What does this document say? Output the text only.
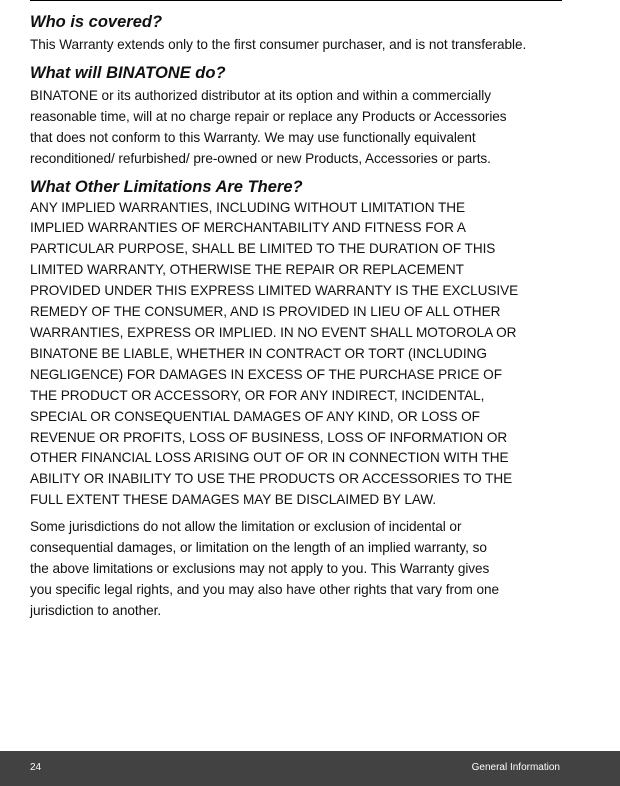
Who is covered?

This Warranty extends only to the first consumer purchaser, and is not transferable.

What will BINATONE do?

BINATONE or its authorized distributor at its option and within a commercially
reasonable time, will at no charge repair or replace any Products or Accessories
that does not conform to this Warranty. We may use functionally equivalent
reconditioned/ refurbished/ pre-owned or new Products, Accessories or parts.

What Other Limitations Are There?

ANY IMPLIED WARRANTIES, INCLUDING WITHOUT LIMITATION THE
IMPLIED WARRANTIES OF MERCHANTABILITY AND FITNESS FOR A
PARTICULAR PURPOSE, SHALL BE LIMITED TO THE DURATION OF THIS
LIMITED WARRANTY, OTHERWISE THE REPAIR OR REPLACEMENT
PROVIDED UNDER THIS EXPRESS LIMITED WARRANTY IS THE EXCLUSIVE
REMEDY OF THE CONSUMER, AND IS PROVIDED IN LIEU OF ALL OTHER
WARRANTIES, EXPRESS OR IMPLIED. IN NO EVENT SHALL MOTOROLA OR
BINATONE BE LIABLE, WHETHER IN CONTRACT OR TORT (INCLUDING
NEGLIGENCE) FOR DAMAGES IN EXCESS OF THE PURCHASE PRICE OF
THE PRODUCT OR ACCESSORY, OR FOR ANY INDIRECT, INCIDENTAL,
SPECIAL OR CONSEQUENTIAL DAMAGES OF ANY KIND, OR LOSS OF
REVENUE OR PROFITS, LOSS OF BUSINESS, LOSS OF INFORMATION OR
OTHER FINANCIAL LOSS ARISING OUT OF OR IN CONNECTION WITH THE
ABILITY OR INABILITY TO USE THE PRODUCTS OR ACCESSORIES TO THE
FULL EXTENT THESE DAMAGES MAY BE DISCLAIMED BY LAW.

Some jurisdictions do not allow the limitation or exclusion of incidental or
consequential damages, or limitation on the length of an implied warranty, so
the above limitations or exclusions may not apply to you. This Warranty gives
you specific legal rights, and you may also have other rights that vary from one
jurisdiction to another.

24	General Information
